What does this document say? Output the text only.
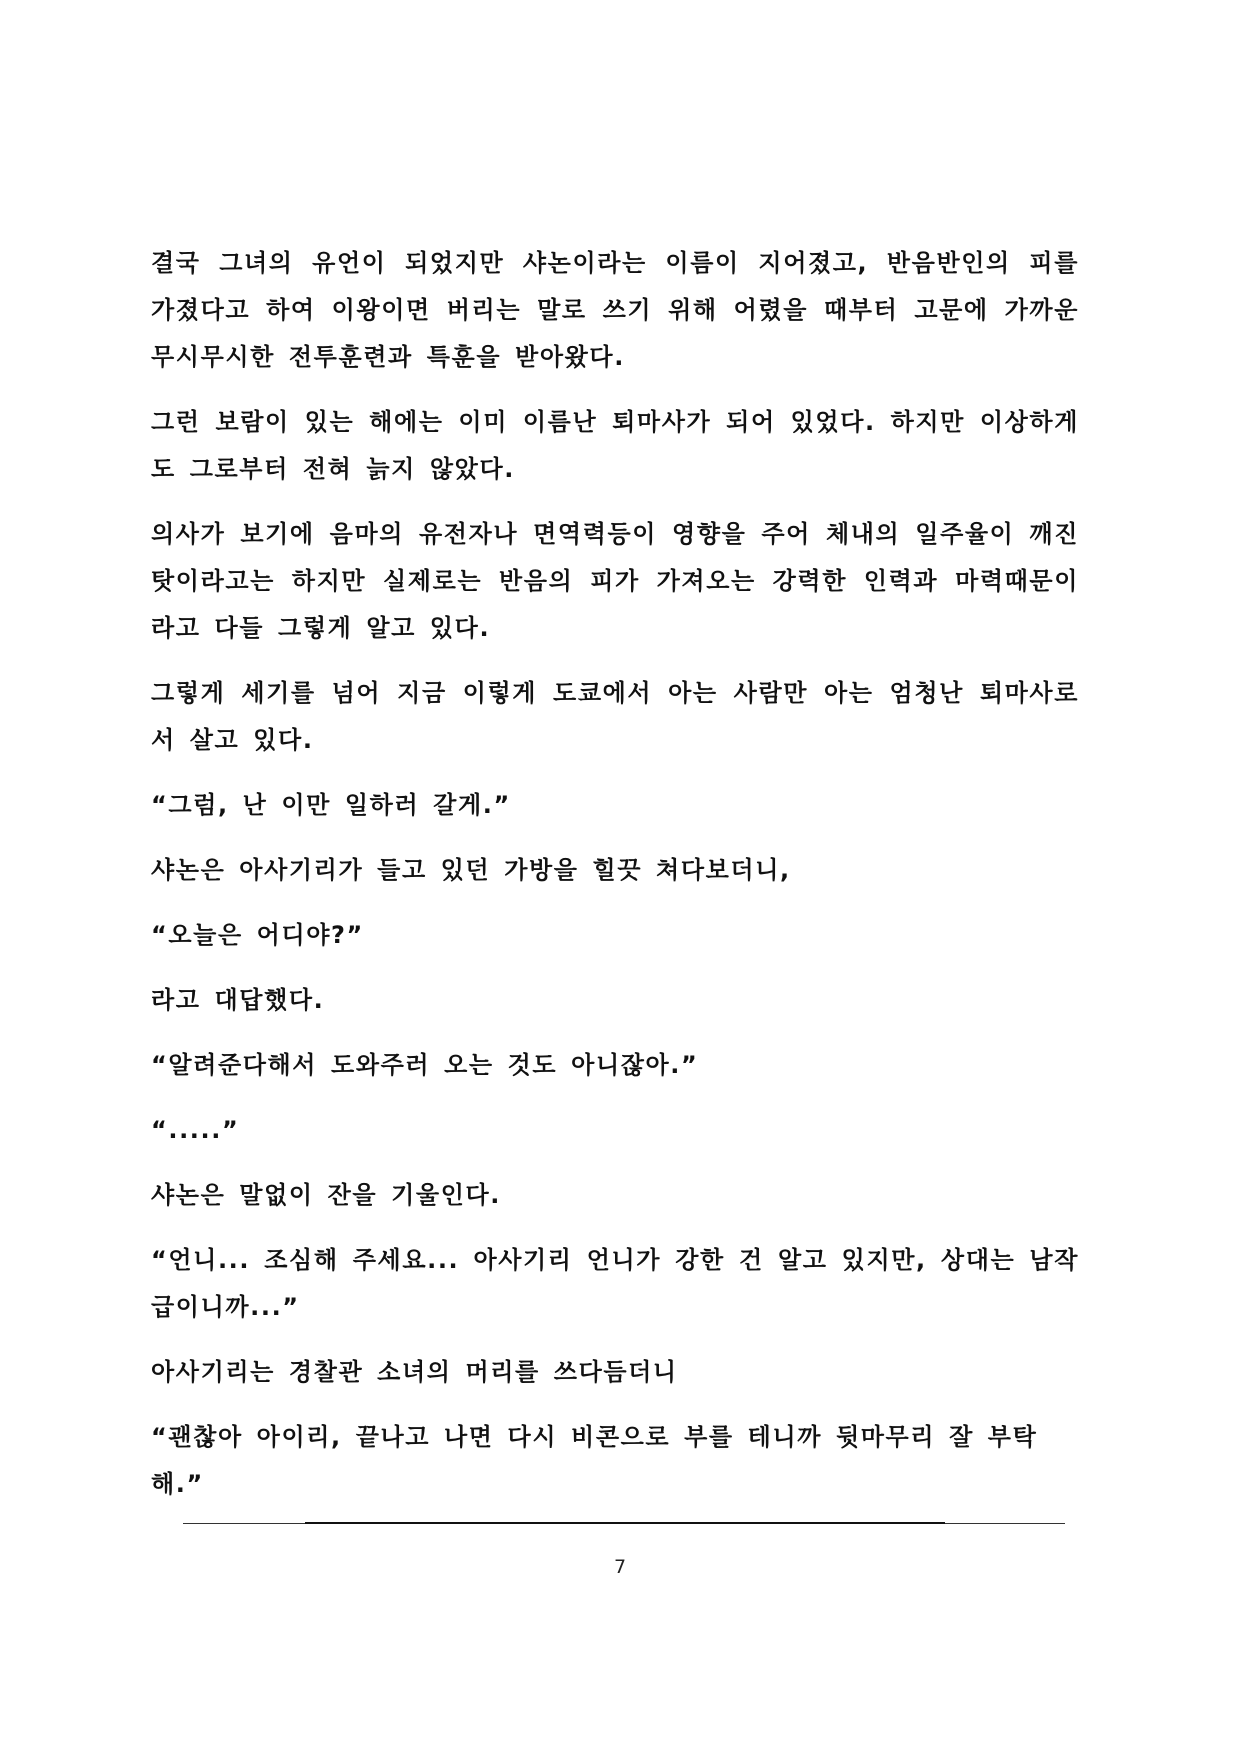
결국 그녀의 유언이 되었지만 샤논이라는 이름이 지어졌고, 반음반인의 피를 가졌다고 하여 이왕이면 버리는 말로 쓰기 위해 어렸을 때부터 고문에 가까운 무시무시한 전투훈련과 특훈을 받아왔다.

그런 보람이 있는 해에는 이미 이름난 퇴마사가 되어 있었다. 하지만 이상하게도 그로부터 전혀 늙지 않았다.

의사가 보기에 음마의 유전자나 면역력등이 영향을 주어 체내의 일주율이 깨진 탓이라고는 하지만 실제로는 반음의 피가 가져오는 강력한 인력과 마력때문이라고 다들 그렇게 알고 있다.

그렇게 세기를 넘어 지금 이렇게 도쿄에서 아는 사람만 아는 엄청난 퇴마사로서 살고 있다.

“그럼, 난 이만 일하러 갈게.”

샤논은 아사기리가 들고 있던 가방을 힐끗 쳐다보더니,

“오늘은 어디야?”

라고 대답했다.

“알려준다해서 도와주러 오는 것도 아니잖아.”

“.....”

샤논은 말없이 잔을 기울인다.

“언니... 조심해 주세요... 아사기리 언니가 강한 건 알고 있지만, 상대는 남작급이니까...”

아사기리는 경찰관 소녀의 머리를 쓰다듬더니

“괜찮아 아이리, 끝나고 나면 다시 비콘으로 부를 테니까 뒷마무리 잘 부탁해.”

7
